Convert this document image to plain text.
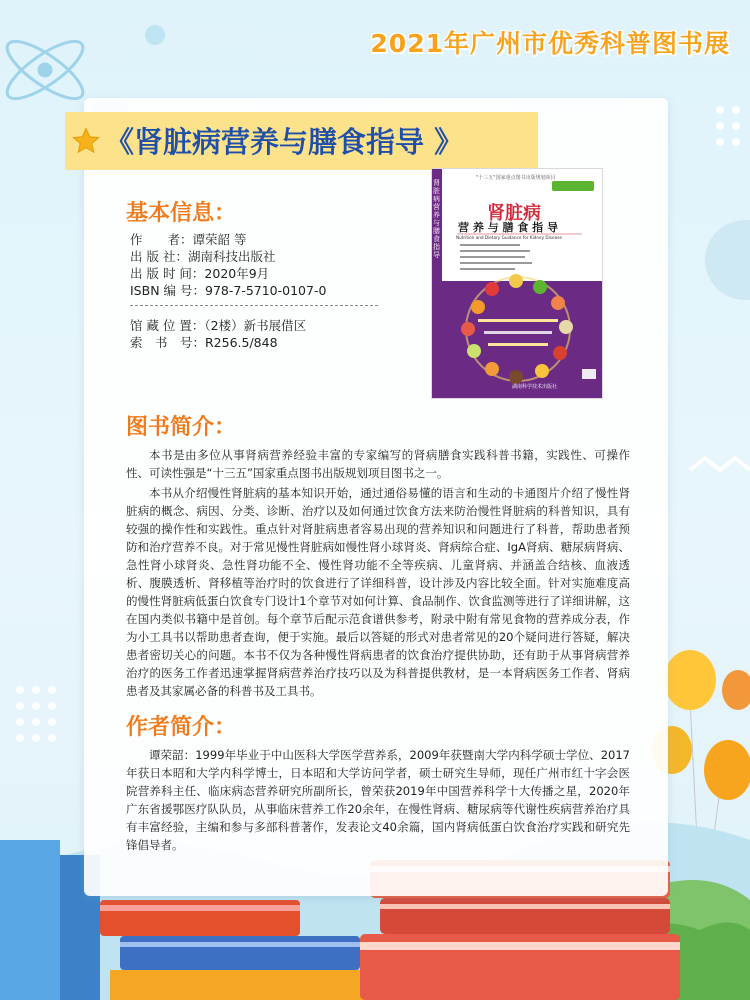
2021年广州市优秀科普图书展
《肾脏病营养与膳食指导 》
基本信息：
作　　者：谭荣韶 等
出 版 社：湖南科技出版社
出 版 时 间：2020年9月
ISBN 编 号：978-7-5710-0107-0
馆 藏 位 置：（2楼）新书展借区
索　书　号：R256.5/848
"十三五"国家重点图书出版规划项目
肾脏病
营 养 与 膳 食 指 导
Nutrition and Dietary Guidance for Kidney Disease
肾脏病营养与膳食指导
湖南科学技术出版社
图书简介：

本书是由多位从事肾病营养经验丰富的专家编写的肾病膳食实践科普书籍，实践性、可操作性、可读性强是“十三五”国家重点图书出版规划项目图书之一。

本书从介绍慢性肾脏病的基本知识开始，通过通俗易懂的语言和生动的卡通图片介绍了慢性肾脏病的概念、病因、分类、诊断、治疗以及如何通过饮食方法来防治慢性肾脏病的科普知识，具有较强的操作性和实践性。重点针对肾脏病患者容易出现的营养知识和问题进行了科普，帮助患者预防和治疗营养不良。对于常见慢性肾脏病如慢性肾小球肾炎、肾病综合症、IgA肾病、糖尿病肾病、急性肾小球肾炎、急性肾功能不全、慢性肾功能不全等疾病、儿童肾病、并涵盖合结核、血液透析、腹膜透析、肾移植等治疗时的饮食进行了详细科普，设计涉及内容比较全面。针对实施难度高的慢性肾脏病低蛋白饮食专门设计1个章节对如何计算、食品制作、饮食监测等进行了详细讲解，这在国内类似书籍中是首创。每个章节后配示范食谱供参考，附录中附有常见食物的营养成分表，作为小工具书以帮助患者查询，便于实施。最后以答疑的形式对患者常见的20个疑问进行答疑，解决患者密切关心的问题。本书不仅为各种慢性肾病患者的饮食治疗提供协助，还有助于从事肾病营养治疗的医务工作者迅速掌握肾病营养治疗技巧以及为科普提供教材，是一本肾病医务工作者、肾病患者及其家属必备的科普书及工具书。

作者简介：

谭荣韶：1999年毕业于中山医科大学医学营养系，2009年获暨南大学内科学硕士学位、2017年获日本昭和大学内科学博士，日本昭和大学访问学者，硕士研究生导师，现任广州市红十字会医院营养科主任、临床病态营养研究所副所长，曾荣获2019年中国营养科学十大传播之星，2020年广东省援鄂医疗队队员，从事临床营养工作20余年，在慢性肾病、糖尿病等代谢性疾病营养治疗具有丰富经验，主编和参与多部科普著作，发表论文40余篇，国内肾病低蛋白饮食治疗实践和研究先锋倡导者。
